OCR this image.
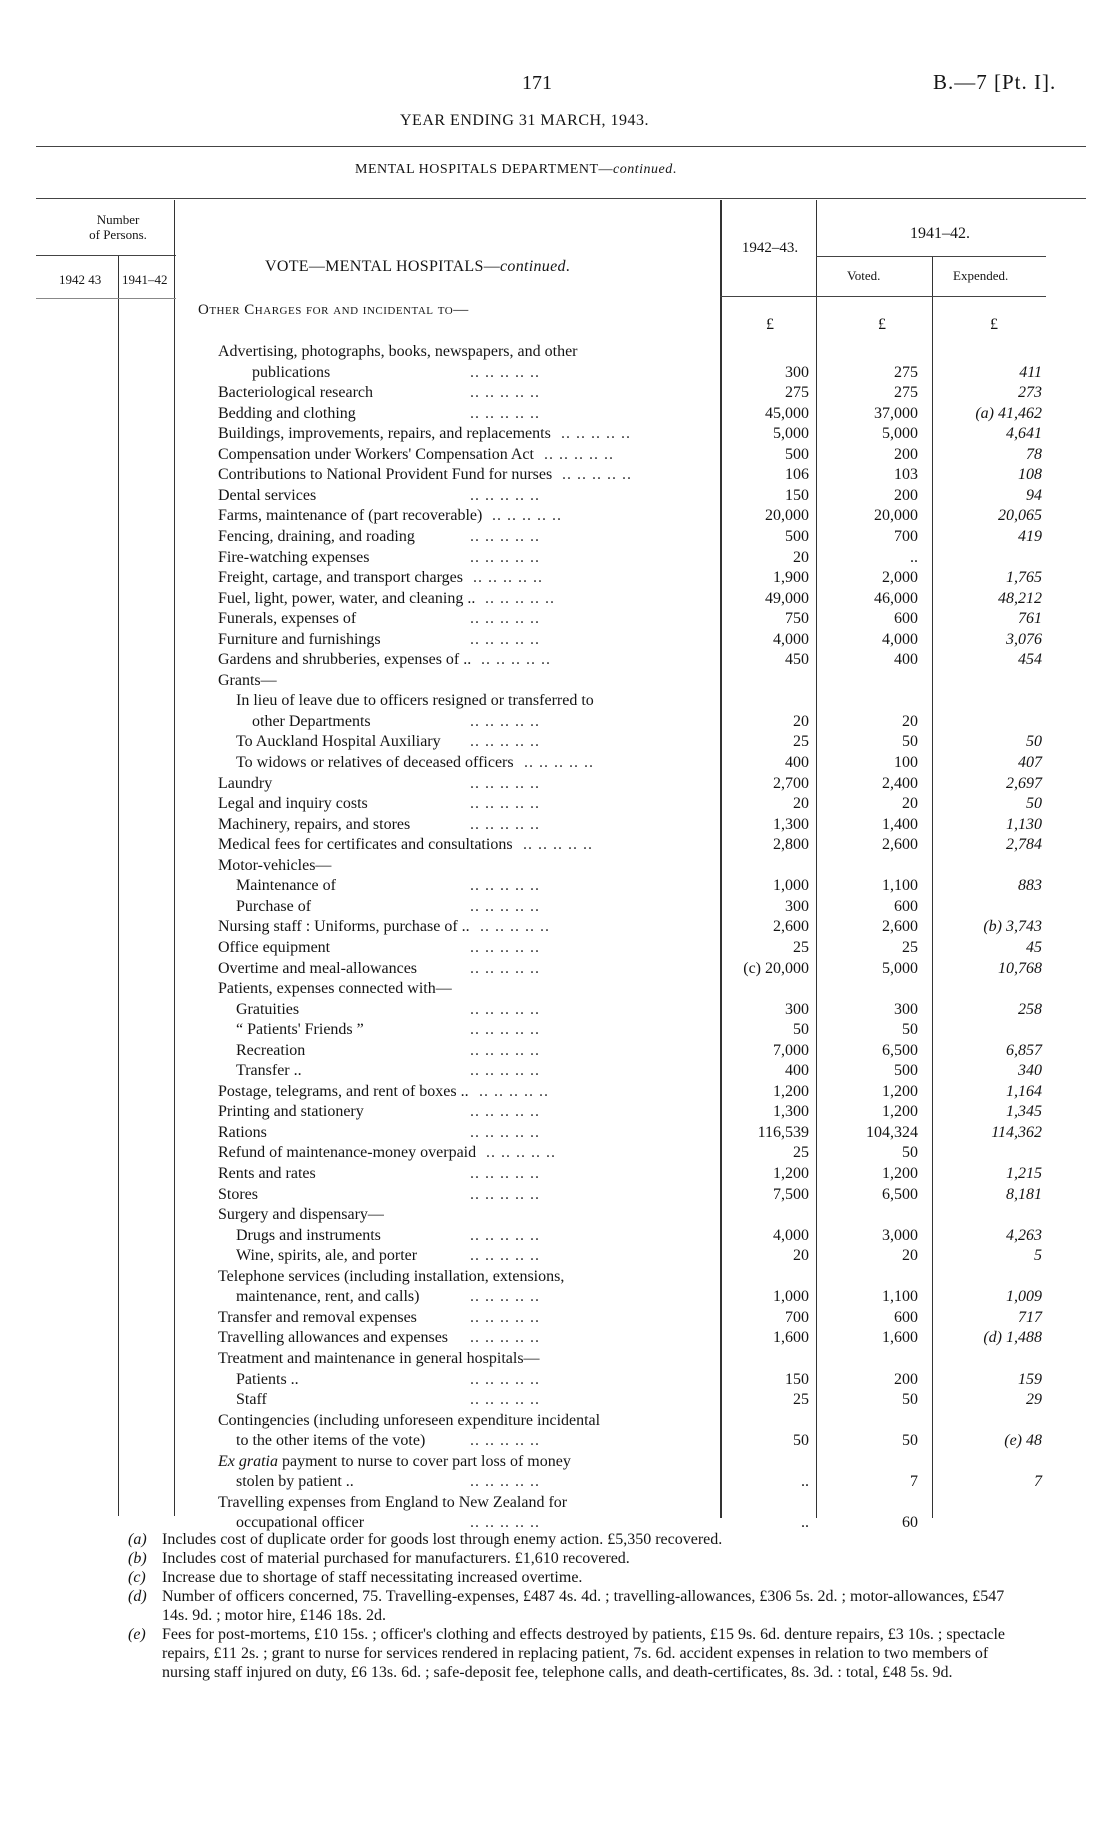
171	B.—7 [Pt. I].
YEAR ENDING 31 MARCH, 1943.
MENTAL HOSPITALS DEPARTMENT—continued.
Number
of Persons.
1942 43 1941–42
VOTE—MENTAL HOSPITALS—continued.
1942–43.
1941–42.
Voted.	Expended.
£	£	£
Other Charges for and incidental to—
Advertising, photographs, books, newspapers, and other
publications	.. .. .. .. ..	300	275	411
Bacteriological research	.. .. .. .. ..	275	275	273
Bedding and clothing	.. .. .. .. ..	45,000	37,000	(a) 41,462
Buildings, improvements, repairs, and replacements .. .. .. .. ..	5,000	5,000	4,641
Compensation under Workers' Compensation Act .. .. .. .. ..	500	200	78
Contributions to National Provident Fund for nurses .. .. .. .. ..	106	103	108
Dental services	.. .. .. .. ..	150	200	94
Farms, maintenance of (part recoverable) .. .. .. .. ..	20,000	20,000	20,065
Fencing, draining, and roading	.. .. .. .. ..	500	700	419
Fire-watching expenses	.. .. .. .. ..	20	..
Freight, cartage, and transport charges .. .. .. .. ..	1,900	2,000	1,765
Fuel, light, power, water, and cleaning .. .. .. .. .. ..	49,000	46,000	48,212
Funerals, expenses of	.. .. .. .. ..	750	600	761
Furniture and furnishings	.. .. .. .. ..	4,000	4,000	3,076
Gardens and shrubberies, expenses of .. .. .. .. .. ..	450	400	454
Grants—
In lieu of leave due to officers resigned or transferred to
other Departments	.. .. .. .. ..	20	20
To Auckland Hospital Auxiliary .. .. .. .. ..	25	50	50
To widows or relatives of deceased officers .. .. .. .. ..	400	100	407
Laundry	.. .. .. .. ..	2,700	2,400	2,697
Legal and inquiry costs	.. .. .. .. ..	20	20	50
Machinery, repairs, and stores	.. .. .. .. ..	1,300	1,400	1,130
Medical fees for certificates and consultations .. .. .. .. ..	2,800	2,600	2,784
Motor-vehicles—
Maintenance of	.. .. .. .. ..	1,000	1,100	883
Purchase of	.. .. .. .. ..	300	600
Nursing staff : Uniforms, purchase of .. .. .. .. .. ..	2,600	2,600	(b) 3,743
Office equipment	.. .. .. .. ..	25	25	45
Overtime and meal-allowances	.. .. .. .. ..	(c) 20,000	5,000	10,768
Patients, expenses connected with—
Gratuities	.. .. .. .. ..	300	300	258
“ Patients' Friends ”	.. .. .. .. ..	50	50
Recreation	.. .. .. .. ..	7,000	6,500	6,857
Transfer ..	.. .. .. .. ..	400	500	340
Postage, telegrams, and rent of boxes .. .. .. .. .. ..	1,200	1,200	1,164
Printing and stationery	.. .. .. .. ..	1,300	1,200	1,345
Rations	.. .. .. .. ..	116,539	104,324	114,362
Refund of maintenance-money overpaid .. .. .. .. ..	25	50
Rents and rates	.. .. .. .. ..	1,200	1,200	1,215
Stores	.. .. .. .. ..	7,500	6,500	8,181
Surgery and dispensary—
Drugs and instruments	.. .. .. .. ..	4,000	3,000	4,263
Wine, spirits, ale, and porter	.. .. .. .. ..	20	20	5
Telephone services (including installation, extensions,
maintenance, rent, and calls)	.. .. .. .. ..	1,000	1,100	1,009
Transfer and removal expenses	.. .. .. .. ..	700	600	717
Travelling allowances and expenses .. .. .. .. ..	1,600	1,600	(d) 1,488
Treatment and maintenance in general hospitals—
Patients ..	.. .. .. .. ..	150	200	159
Staff	.. .. .. .. ..	25	50	29
Contingencies (including unforeseen expenditure incidental
to the other items of the vote)	.. .. .. .. ..	50	50	(e) 48
Ex gratia payment to nurse to cover part loss of money
stolen by patient ..	.. .. .. .. ..	..	7	7
Travelling expenses from England to New Zealand for
occupational officer	.. .. .. .. ..	..	60

(a) Includes cost of duplicate order for goods lost through enemy action. £5,350 recovered.

(b) Includes cost of material purchased for manufacturers. £1,610 recovered.

(c) Increase due to shortage of staff necessitating increased overtime.

(d) Number of officers concerned, 75. Travelling-expenses, £487 4s. 4d. ; travelling-allowances, £306 5s. 2d. ; motor-allowances, £547 14s. 9d. ; motor hire, £146 18s. 2d.

(e) Fees for post-mortems, £10 15s. ; officer's clothing and effects destroyed by patients, £15 9s. 6d. denture repairs, £3 10s. ; spectacle repairs, £11 2s. ; grant to nurse for services rendered in replacing patient, 7s. 6d. accident expenses in relation to two members of nursing staff injured on duty, £6 13s. 6d. ; safe-deposit fee, telephone calls, and death-certificates, 8s. 3d. : total, £48 5s. 9d.
